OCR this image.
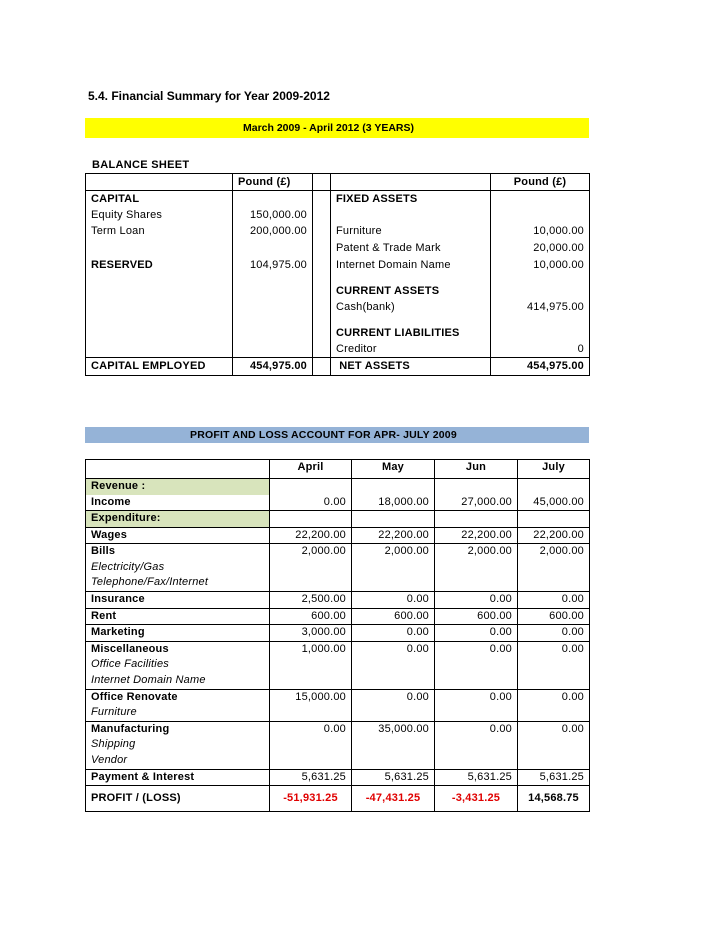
5.4. Financial Summary for Year 2009-2012
March 2009 - April 2012 (3 YEARS)
BALANCE SHEET
	Pound (£)			Pound (£)
CAPITAL			FIXED ASSETS	
Equity Shares	150,000.00			
Term Loan	200,000.00		Furniture	10,000.00
			Patent & Trade Mark	20,000.00
RESERVED	104,975.00		Internet Domain Name	10,000.00
			CURRENT ASSETS	
			Cash(bank)	414,975.00
			CURRENT LIABILITIES	
			Creditor	0
CAPITAL EMPLOYED	454,975.00		NET ASSETS	454,975.00
PROFIT AND LOSS ACCOUNT FOR APR- JULY 2009
	April	May	Jun	July
Revenue :				
Income	0.00	18,000.00	27,000.00	45,000.00
Expenditure:				

Wages	22,200.00	22,200.00	22,200.00	22,200.00

Bills
Electricity/Gas
Telephone/Fax/Internet	2,000.00	2,000.00	2,000.00	2,000.00

Insurance	2,500.00	0.00	0.00	0.00

Rent	600.00	600.00	600.00	600.00

Marketing	3,000.00	0.00	0.00	0.00

Miscellaneous
Office Facilities
Internet Domain Name	1,000.00	0.00	0.00	0.00

Office Renovate
Furniture	15,000.00	0.00	0.00	0.00

Manufacturing
Shipping
Vendor	0.00	35,000.00	0.00	0.00

Payment & Interest	5,631.25	5,631.25	5,631.25	5,631.25
PROFIT / (LOSS)	-51,931.25	-47,431.25	-3,431.25	14,568.75
